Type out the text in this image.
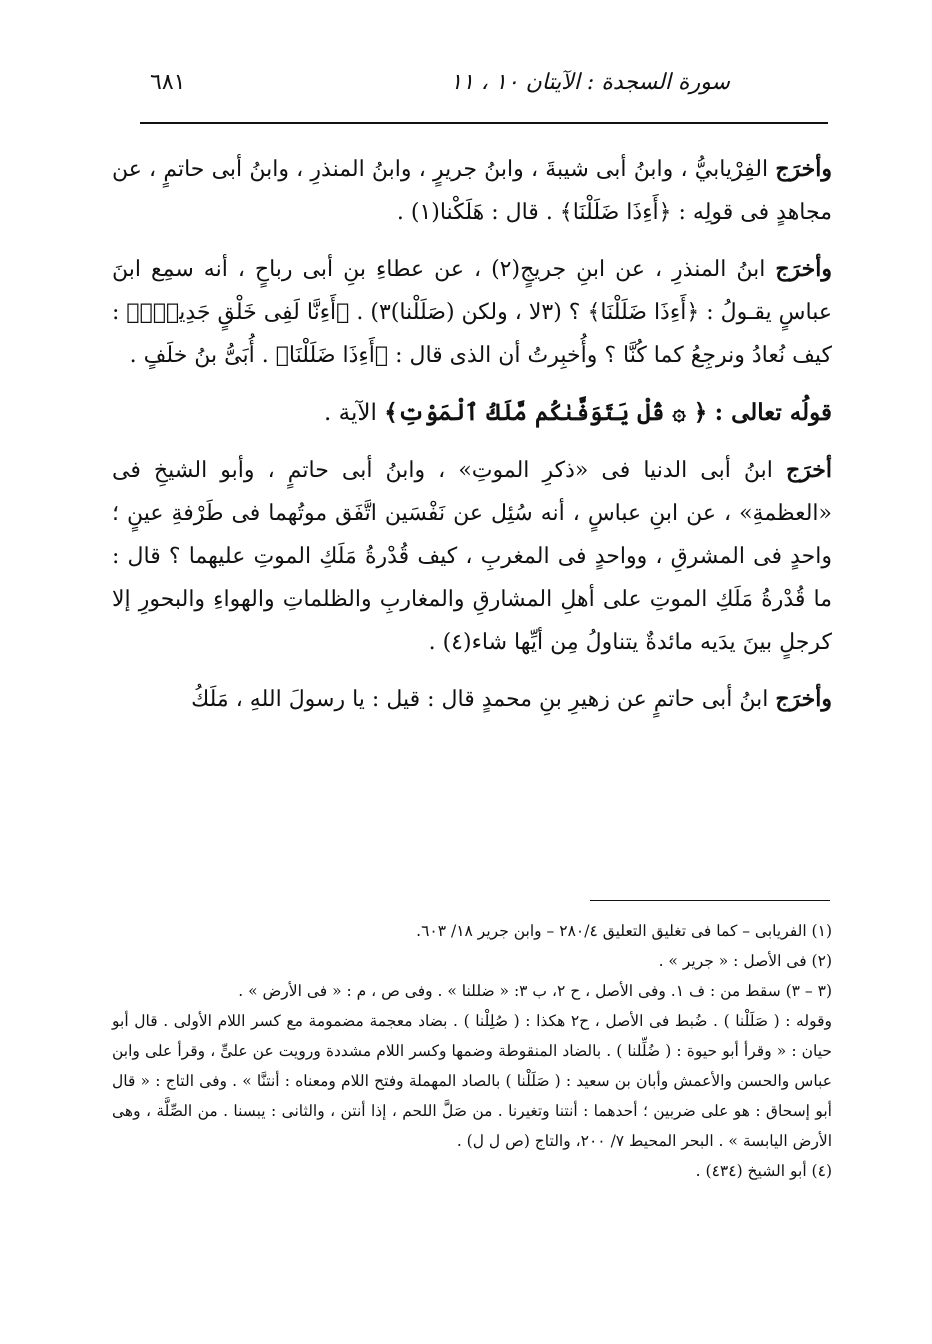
سورة السجدة : الآيتان ١٠ ، ١١
٦٨١

وأخرَج الفِرْيابيُّ ، وابنُ أبى شيبةَ ، وابنُ جريرٍ ، وابنُ المنذرِ ، وابنُ أبى حاتمٍ ، عن مجاهدٍ فى قولِه : ﴿أَءِذَا ضَلَلْنَا﴾ . قال : هَلَكْنا(١) .

وأخرَج ابنُ المنذرِ ، عن ابنِ جريجٍ(٢) ، عن عطاءِ بنِ أبى رباحٍ ، أنه سمِع ابنَ عباسٍ يقـولُ : ﴿أَءِذَا ضَلَلْنَا﴾ ؟ (٣لا ، ولكن (صَلَلْنا)٣) . ﴿أَءِنَّا لَفِى خَلْقٍ جَدِيدٍۭ﴾ : كيف نُعادُ ونرجِعُ كما كُنَّا ؟ وأُخبِرتُ أن الذى قال : ﴿أَءِذَا ضَلَلْنَا﴾ . أُبَىُّ بنُ خلَفٍ .

قولُه تعالى : ﴿ ۞ قُلْ يَتَوَفَّىٰكُم مَّلَكُ ٱلْمَوْتِ﴾ الآية .

أخرَج ابنُ أبى الدنيا فى «ذكرِ الموتِ» ، وابنُ أبى حاتمٍ ، وأبو الشيخِ فى «العظمةِ» ، عن ابنِ عباسٍ ، أنه سُئِل عن نَفْسَين اتَّفَق موتُهما فى طَرْفةِ عينٍ ؛ واحدٍ فى المشرقِ ، وواحدٍ فى المغربِ ، كيف قُدْرةُ مَلَكِ الموتِ عليهما ؟ قال : ما قُدْرةُ مَلَكِ الموتِ على أهلِ المشارقِ والمغاربِ والظلماتِ والهواءِ والبحورِ إلا كرجلٍ بينَ يدَيه مائدةٌ يتناولُ مِن أيِّها شاء(٤) .

وأخرَج ابنُ أبى حاتمٍ عن زهيرِ بنِ محمدٍ قال : قيل : يا رسولَ اللهِ ، مَلَكُ

(١) الفريابى – كما فى تغليق التعليق ٢٨٠/٤ – وابن جرير ١٨/ ٦٠٣.

(٢) فى الأصل : « جرير » .

(٣ – ٣) سقط من : ف ١. وفى الأصل ، ح ٢، ب ٣: « ضللنا » . وفى ص ، م : « فى الأرض » .

وقوله : ( صَلَلْنا ) . ضُبط فى الأصل ، ح٢ هكذا : ( صُلِلْنا ) . بضاد معجمة مضمومة مع كسر اللام الأولى . قال أبو حيان : « وقرأ أبو حيوة : ( ضُلِّلنا ) . بالضاد المنقوطة وضمها وكسر اللام مشددة ورويت عن علىٍّ ، وقرأ على وابن عباس والحسن والأعمش وأبان بن سعيد : ( صَلَلْنا ) بالصاد المهملة وفتح اللام ومعناه : أنتنَّا » . وفى التاج : « قال أبو إسحاق : هو على ضربين ؛ أحدهما : أنتنا وتغيرنا . من صَلَّ اللحم ، إذا أنتن ، والثانى : يبسنا . من الصِّلَّة ، وهى الأرض اليابسة » . البحر المحيط ٧/ ٢٠٠، والتاج (ص ل ل) .

(٤) أبو الشيخ (٤٣٤) .
